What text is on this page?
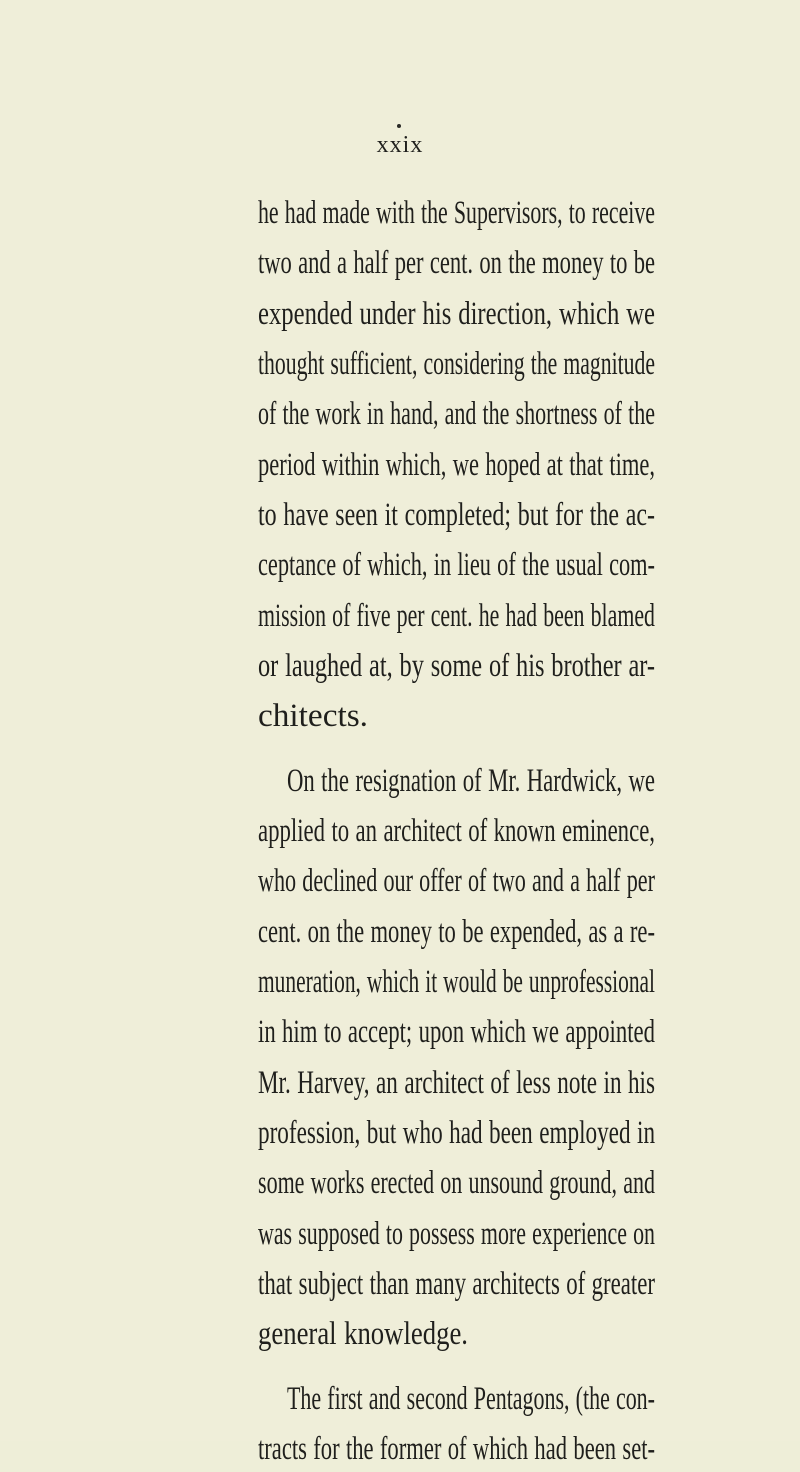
xxix
he had made with the Supervisors, to receive
two and a half per cent. on the money to be
expended under his direction, which we
thought sufficient, considering the magnitude
of the work in hand, and the shortness of the
period within which, we hoped at that time,
to have seen it completed; but for the ac-
ceptance of which, in lieu of the usual com-
mission of five per cent. he had been blamed
or laughed at, by some of his brother ar-
chitects.
On the resignation of Mr. Hardwick, we
applied to an architect of known eminence,
who declined our offer of two and a half per
cent. on the money to be expended, as a re-
muneration, which it would be unprofessional
in him to accept; upon which we appointed
Mr. Harvey, an architect of less note in his
profession, but who had been employed in
some works erected on unsound ground, and
was supposed to possess more experience on
that subject than many architects of greater
general knowledge.
The first and second Pentagons, (the con-
tracts for the former of which had been set-
